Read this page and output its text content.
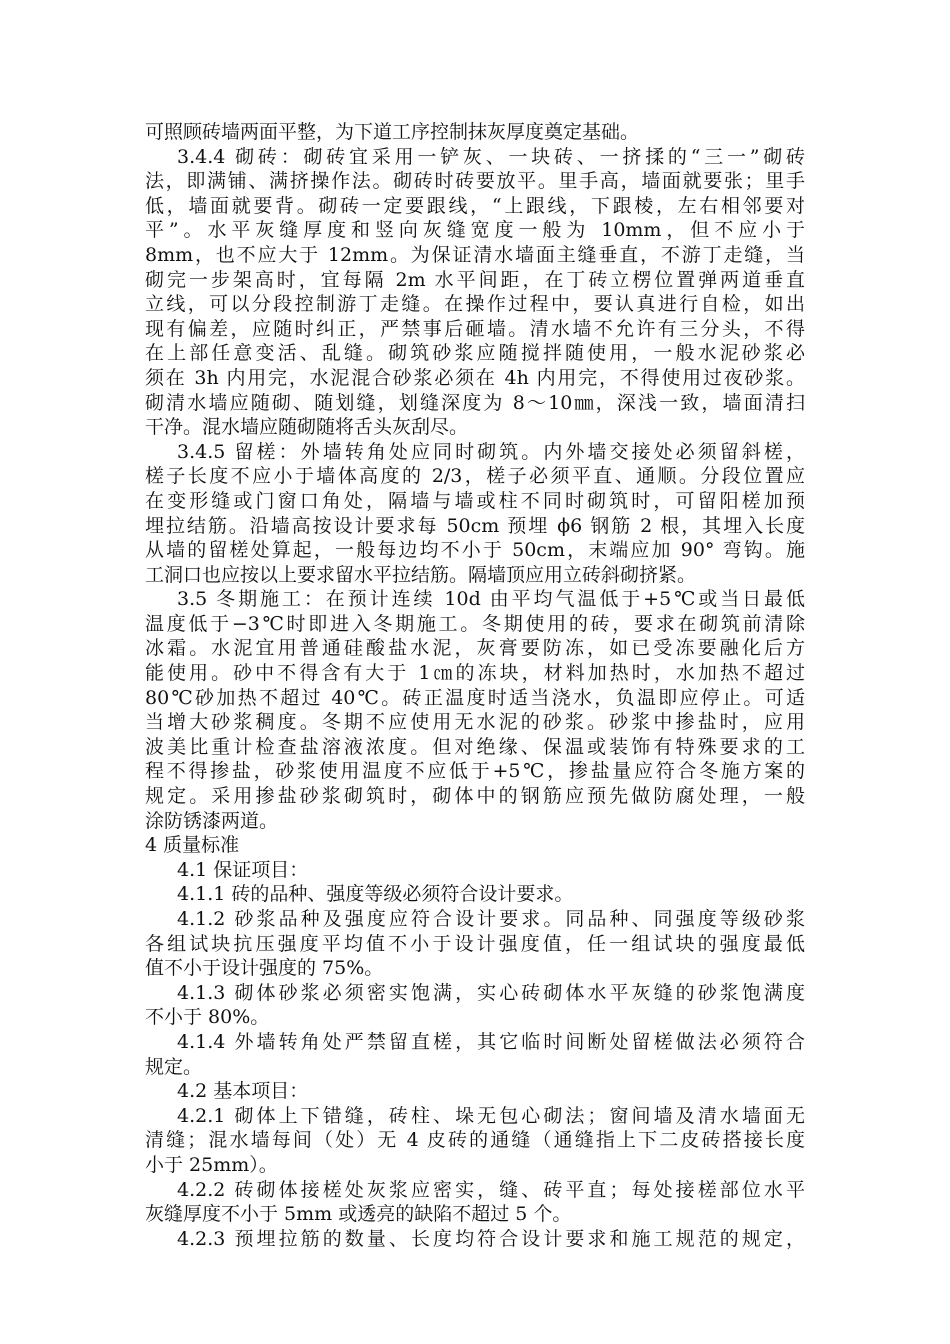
可照顾砖墙两面平整，为下道工序控制抹灰厚度奠定基础。
3.4.4 砌砖：砌砖宜采用一铲灰、一块砖、一挤揉的“三一”砌砖
法，即满铺、满挤操作法。砌砖时砖要放平。里手高，墙面就要张；里手
低，墙面就要背。砌砖一定要跟线，“上跟线，下跟棱，左右相邻要对
平”。水平灰缝厚度和竖向灰缝宽度一般为 10mm，但不应小于
8mm，也不应大于 12mm。为保证清水墙面主缝垂直，不游丁走缝，当
砌完一步架高时，宜每隔 2m 水平间距，在丁砖立楞位置弹两道垂直
立线，可以分段控制游丁走缝。在操作过程中，要认真进行自检，如出
现有偏差，应随时纠正，严禁事后砸墙。清水墙不允许有三分头，不得
在上部任意变活、乱缝。砌筑砂浆应随搅拌随使用，一般水泥砂浆必
须在 3h 内用完，水泥混合砂浆必须在 4h 内用完，不得使用过夜砂浆。
砌清水墙应随砌、随划缝，划缝深度为 8～10㎜，深浅一致，墙面清扫
干净。混水墙应随砌随将舌头灰刮尽。
3.4.5 留槎：外墙转角处应同时砌筑。内外墙交接处必须留斜槎，
槎子长度不应小于墙体高度的 2/3，槎子必须平直、通顺。分段位置应
在变形缝或门窗口角处，隔墙与墙或柱不同时砌筑时，可留阳槎加预
埋拉结筋。沿墙高按设计要求每 50cm 预埋 ϕ6 钢筋 2 根，其埋入长度
从墙的留槎处算起，一般每边均不小于 50cm，末端应加 90° 弯钩。施
工洞口也应按以上要求留水平拉结筋。隔墙顶应用立砖斜砌挤紧。
3.5 冬期施工：在预计连续 10d 由平均气温低于+5℃或当日最低
温度低于−3℃时即进入冬期施工。冬期使用的砖，要求在砌筑前清除
冰霜。水泥宜用普通硅酸盐水泥，灰膏要防冻，如已受冻要融化后方
能使用。砂中不得含有大于 1㎝的冻块，材料加热时，水加热不超过
80℃砂加热不超过 40℃。砖正温度时适当浇水，负温即应停止。可适
当增大砂浆稠度。冬期不应使用无水泥的砂浆。砂浆中掺盐时，应用
波美比重计检查盐溶液浓度。但对绝缘、保温或装饰有特殊要求的工
程不得掺盐，砂浆使用温度不应低于+5℃，掺盐量应符合冬施方案的
规定。采用掺盐砂浆砌筑时，砌体中的钢筋应预先做防腐处理，一般
涂防锈漆两道。
4 质量标准
4.1 保证项目：
4.1.1 砖的品种、强度等级必须符合设计要求。
4.1.2 砂浆品种及强度应符合设计要求。同品种、同强度等级砂浆
各组试块抗压强度平均值不小于设计强度值，任一组试块的强度最低
值不小于设计强度的 75%。
4.1.3 砌体砂浆必须密实饱满，实心砖砌体水平灰缝的砂浆饱满度
不小于 80%。
4.1.4 外墙转角处严禁留直槎，其它临时间断处留槎做法必须符合
规定。
4.2 基本项目：
4.2.1 砌体上下错缝，砖柱、垛无包心砌法；窗间墙及清水墙面无
清缝；混水墙每间（处）无 4 皮砖的通缝（通缝指上下二皮砖搭接长度
小于 25mm）。
4.2.2 砖砌体接槎处灰浆应密实，缝、砖平直；每处接槎部位水平
灰缝厚度不小于 5mm 或透亮的缺陷不超过 5 个。
4.2.3 预埋拉筋的数量、长度均符合设计要求和施工规范的规定，
